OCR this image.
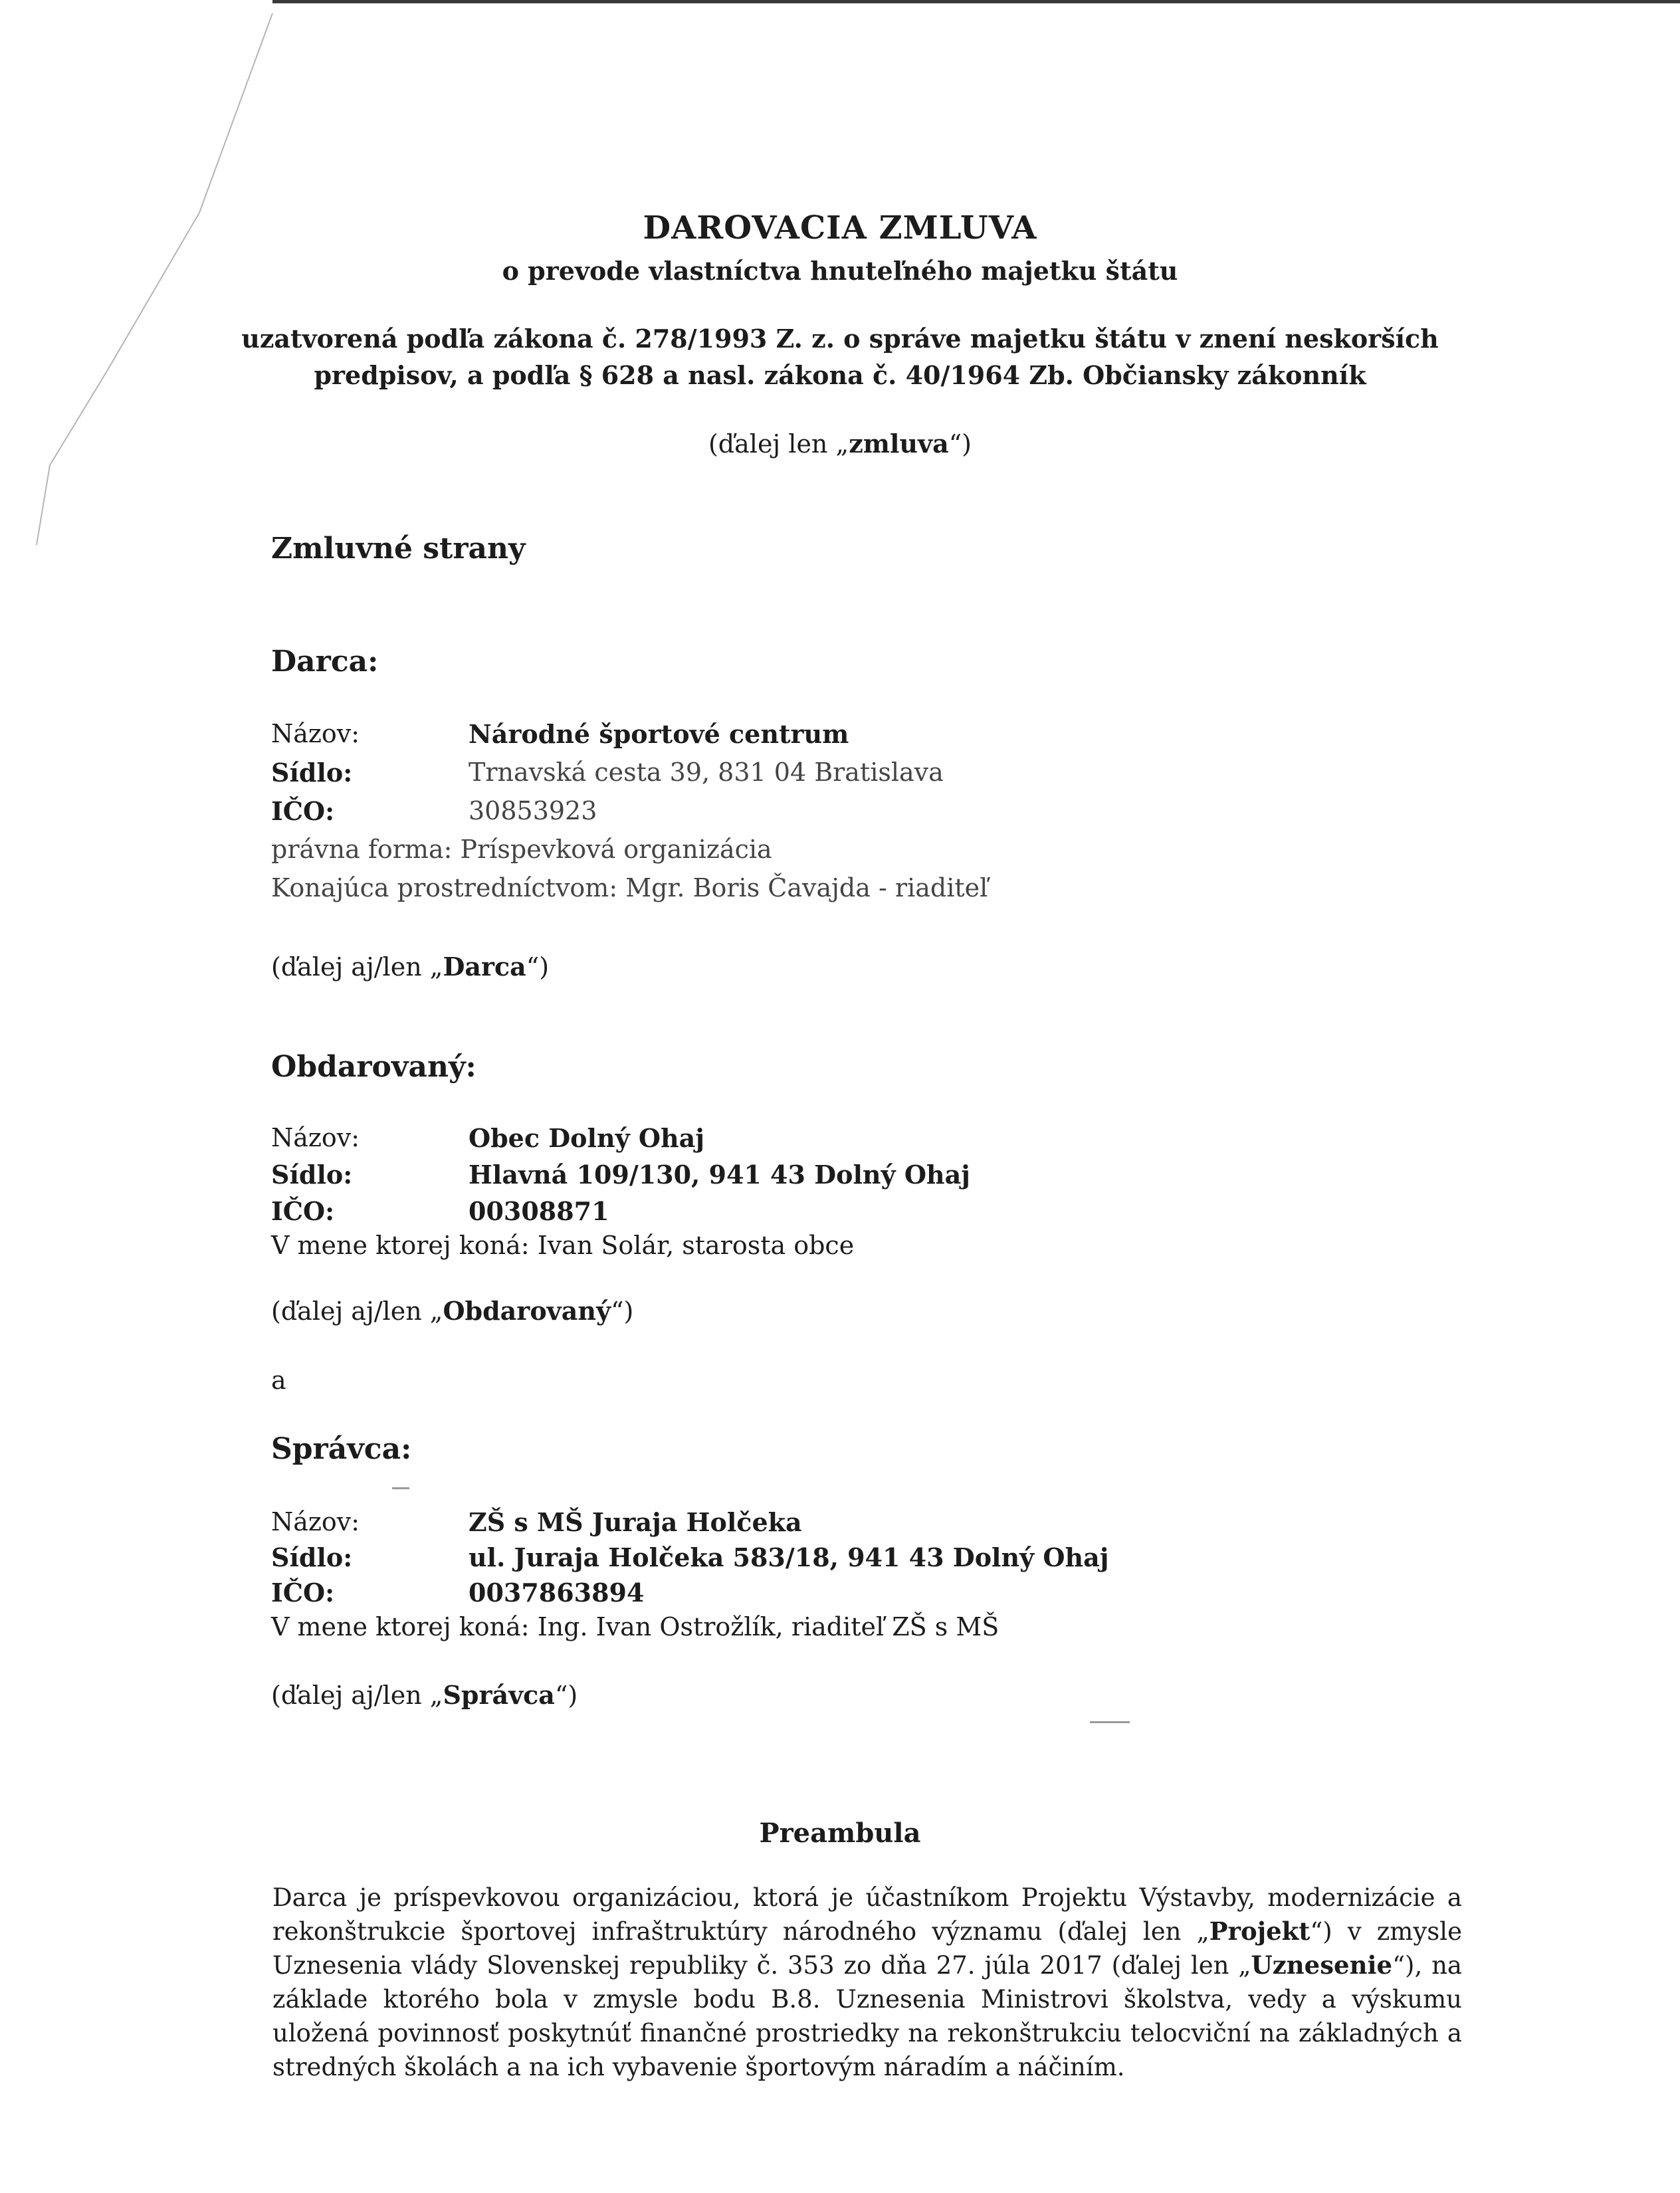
DAROVACIA ZMLUVA
o prevode vlastníctva hnuteľného majetku štátu
uzatvorená podľa zákona č. 278/1993 Z. z. o správe majetku štátu v znení neskorších
predpisov, a podľa § 628 a nasl. zákona č. 40/1964 Zb. Občiansky zákonník
(ďalej len „zmluva“)
Zmluvné strany
Darca:
Názov:	Národné športové centrum
Sídlo:	Trnavská cesta 39, 831 04 Bratislava
IČO:	30853923
právna forma: Príspevková organizácia
Konajúca prostredníctvom: Mgr. Boris Čavajda - riaditeľ
(ďalej aj/len „Darca“)
Obdarovaný:
Názov:	Obec Dolný Ohaj
Sídlo:	Hlavná 109/130, 941 43 Dolný Ohaj
IČO:	00308871
V mene ktorej koná: Ivan Solár, starosta obce
(ďalej aj/len „Obdarovaný“)
a
Správca:
Názov:	ZŠ s MŠ Juraja Holčeka
Sídlo:	ul. Juraja Holčeka 583/18, 941 43 Dolný Ohaj
IČO:	0037863894
V mene ktorej koná: Ing. Ivan Ostrožlík, riaditeľ ZŠ s MŠ
(ďalej aj/len „Správca“)
Preambula
Darca je príspevkovou organizáciou, ktorá je účastníkom Projektu Výstavby, modernizácie a rekonštrukcie športovej infraštruktúry národného významu (ďalej len „Projekt“) v zmysle Uznesenia vlády Slovenskej republiky č. 353 zo dňa 27. júla 2017 (ďalej len „Uznesenie“), na základe ktorého bola v zmysle bodu B.8. Uznesenia Ministrovi školstva, vedy a výskumu uložená povinnosť poskytnúť finančné prostriedky na rekonštrukciu telocviční na základných a stredných školách a na ich vybavenie športovým náradím a náčiním.
